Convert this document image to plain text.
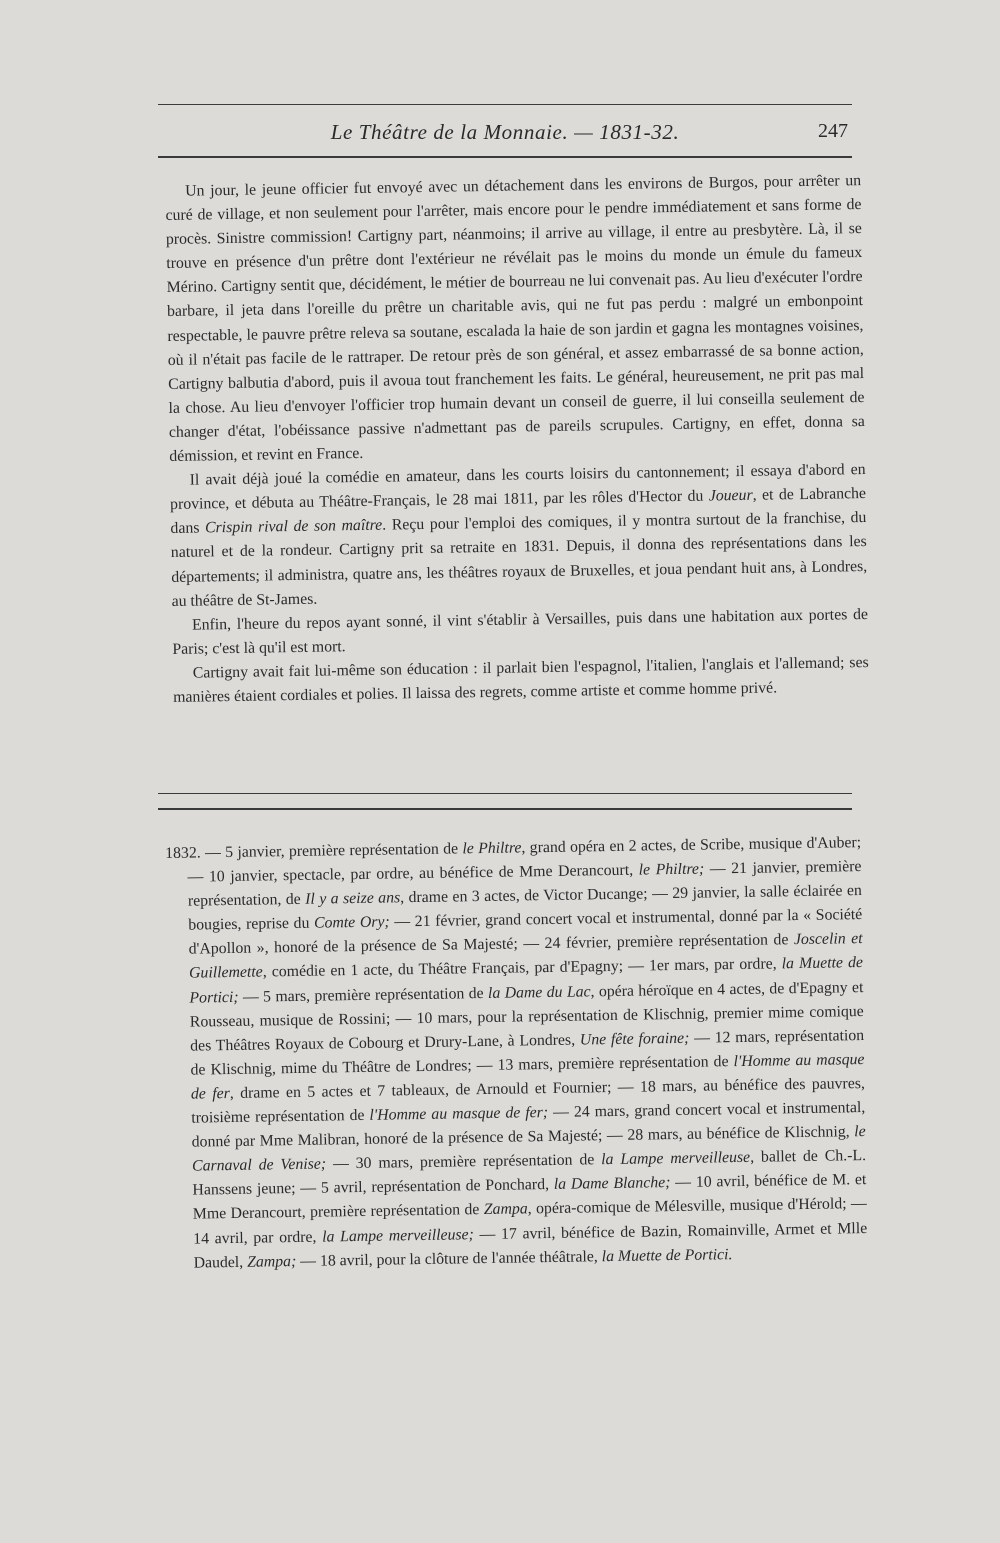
Le Théâtre de la Monnaie. — 1831-32.	247

Un jour, le jeune officier fut envoyé avec un détachement dans les environs de Burgos, pour arrêter un curé de village, et non seulement pour l'arrêter, mais encore pour le pendre immédiatement et sans forme de procès. Sinistre commission! Cartigny part, néanmoins; il arrive au village, il entre au presbytère. Là, il se trouve en présence d'un prêtre dont l'extérieur ne révélait pas le moins du monde un émule du fameux Mérino. Cartigny sentit que, décidément, le métier de bourreau ne lui convenait pas. Au lieu d'exécuter l'ordre barbare, il jeta dans l'oreille du prêtre un charitable avis, qui ne fut pas perdu : malgré un embonpoint respectable, le pauvre prêtre releva sa soutane, escalada la haie de son jardin et gagna les montagnes voisines, où il n'était pas facile de le rattraper. De retour près de son général, et assez embarrassé de sa bonne action, Cartigny balbutia d'abord, puis il avoua tout franchement les faits. Le général, heureusement, ne prit pas mal la chose. Au lieu d'envoyer l'officier trop humain devant un conseil de guerre, il lui conseilla seulement de changer d'état, l'obéissance passive n'admettant pas de pareils scrupules. Cartigny, en effet, donna sa démission, et revint en France.

Il avait déjà joué la comédie en amateur, dans les courts loisirs du cantonnement; il essaya d'abord en province, et débuta au Théâtre-Français, le 28 mai 1811, par les rôles d'Hector du Joueur, et de Labranche dans Crispin rival de son maître. Reçu pour l'emploi des comiques, il y montra surtout de la franchise, du naturel et de la rondeur. Cartigny prit sa retraite en 1831. Depuis, il donna des représentations dans les départements; il administra, quatre ans, les théâtres royaux de Bruxelles, et joua pendant huit ans, à Londres, au théâtre de St-James.

Enfin, l'heure du repos ayant sonné, il vint s'établir à Versailles, puis dans une habitation aux portes de Paris; c'est là qu'il est mort.

Cartigny avait fait lui-même son éducation : il parlait bien l'espagnol, l'italien, l'anglais et l'allemand; ses manières étaient cordiales et polies. Il laissa des regrets, comme artiste et comme homme privé.

1832. — 5 janvier, première représentation de le Philtre, grand opéra en 2 actes, de Scribe, musique d'Auber; — 10 janvier, spectacle, par ordre, au bénéfice de Mme Derancourt, le Philtre; — 21 janvier, première représentation, de Il y a seize ans, drame en 3 actes, de Victor Ducange; — 29 janvier, la salle éclairée en bougies, reprise du Comte Ory; — 21 février, grand concert vocal et instrumental, donné par la « Société d'Apollon », honoré de la présence de Sa Majesté; — 24 février, première représentation de Joscelin et Guillemette, comédie en 1 acte, du Théâtre Français, par d'Epagny; — 1er mars, par ordre, la Muette de Portici; — 5 mars, première représentation de la Dame du Lac, opéra héroïque en 4 actes, de d'Epagny et Rousseau, musique de Rossini; — 10 mars, pour la représentation de Klischnig, premier mime comique des Théâtres Royaux de Cobourg et Drury-Lane, à Londres, Une fête foraine; — 12 mars, représentation de Klischnig, mime du Théâtre de Londres; — 13 mars, première représentation de l'Homme au masque de fer, drame en 5 actes et 7 tableaux, de Arnould et Fournier; — 18 mars, au bénéfice des pauvres, troisième représentation de l'Homme au masque de fer; — 24 mars, grand concert vocal et instrumental, donné par Mme Malibran, honoré de la présence de Sa Majesté; — 28 mars, au bénéfice de Klischnig, le Carnaval de Venise; — 30 mars, première représentation de la Lampe merveilleuse, ballet de Ch.-L. Hanssens jeune; — 5 avril, représentation de Ponchard, la Dame Blanche; — 10 avril, bénéfice de M. et Mme Derancourt, première représentation de Zampa, opéra-comique de Mélesville, musique d'Hérold; — 14 avril, par ordre, la Lampe merveilleuse; — 17 avril, bénéfice de Bazin, Romainville, Armet et Mlle Daudel, Zampa; — 18 avril, pour la clôture de l'année théâtrale, la Muette de Portici.
